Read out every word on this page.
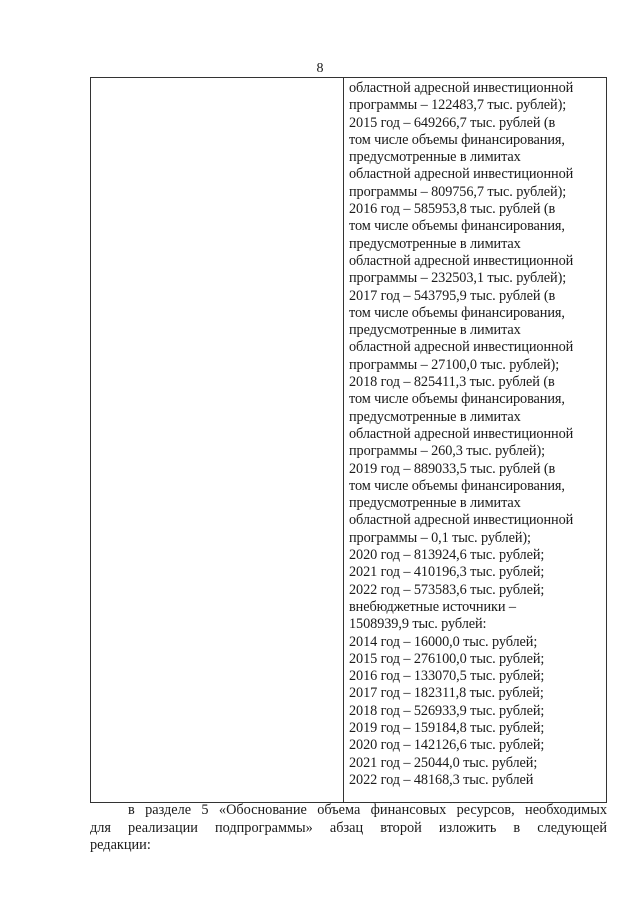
8
областной адресной инвестиционной
программы – 122483,7 тыс. рублей);
2015 год – 649266,7 тыс. рублей (в
том числе объемы финансирования,
предусмотренные в лимитах
областной адресной инвестиционной
программы – 809756,7 тыс. рублей);
2016 год – 585953,8 тыс. рублей (в
том числе объемы финансирования,
предусмотренные в лимитах
областной адресной инвестиционной
программы – 232503,1 тыс. рублей);
2017 год – 543795,9 тыс. рублей (в
том числе объемы финансирования,
предусмотренные в лимитах
областной адресной инвестиционной
программы – 27100,0 тыс. рублей);
2018 год – 825411,3 тыс. рублей (в
том числе объемы финансирования,
предусмотренные в лимитах
областной адресной инвестиционной
программы – 260,3 тыс. рублей);
2019 год – 889033,5 тыс. рублей (в
том числе объемы финансирования,
предусмотренные в лимитах
областной адресной инвестиционной
программы – 0,1 тыс. рублей);
2020 год – 813924,6 тыс. рублей;
2021 год – 410196,3 тыс. рублей;
2022 год – 573583,6 тыс. рублей;
внебюджетные источники –
1508939,9 тыс. рублей:
2014 год – 16000,0 тыс. рублей;
2015 год – 276100,0 тыс. рублей;
2016 год – 133070,5 тыс. рублей;
2017 год – 182311,8 тыс. рублей;
2018 год – 526933,9 тыс. рублей;
2019 год – 159184,8 тыс. рублей;
2020 год – 142126,6 тыс. рублей;
2021 год – 25044,0 тыс. рублей;
2022 год – 48168,3 тыс. рублей
в разделе 5 «Обоснование объема финансовых ресурсов, необходимых
для реализации подпрограммы» абзац второй изложить в следующей
редакции:
